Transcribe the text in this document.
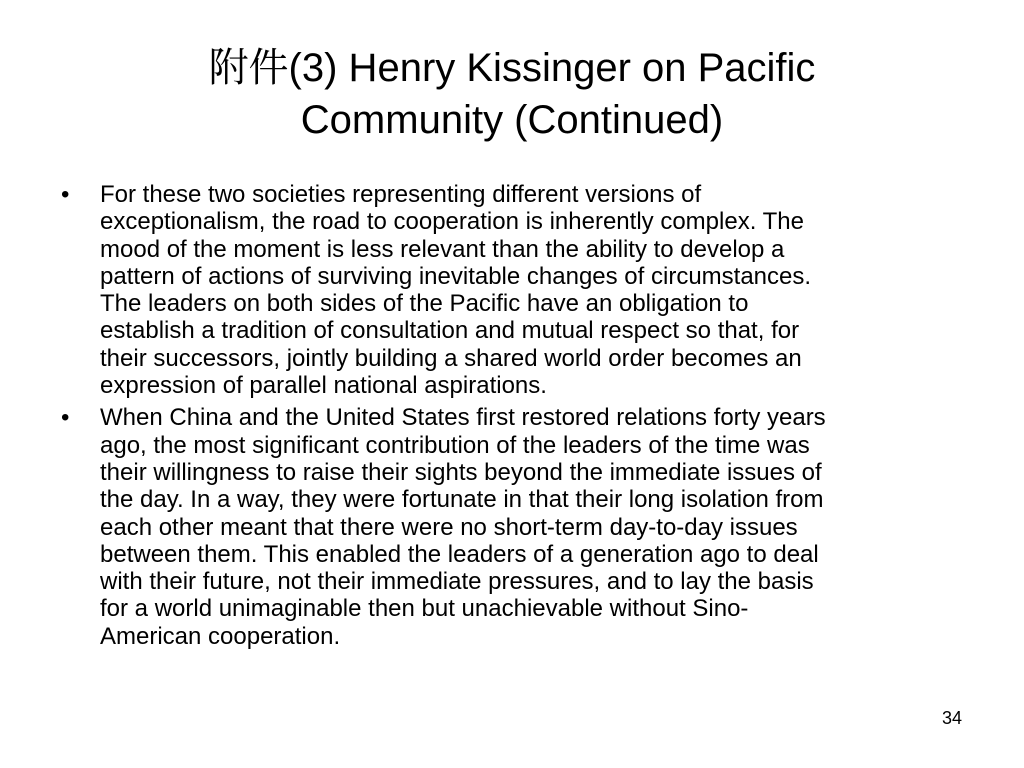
附件(3) Henry Kissinger on Pacific
Community (Continued)
• For these two societies representing different versions of
exceptionalism, the road to cooperation is inherently complex. The
mood of the moment is less relevant than the ability to develop a
pattern of actions of surviving inevitable changes of circumstances.
The leaders on both sides of the Pacific have an obligation to
establish a tradition of consultation and mutual respect so that, for
their successors, jointly building a shared world order becomes an
expression of parallel national aspirations.
• When China and the United States first restored relations forty years
ago, the most significant contribution of the leaders of the time was
their willingness to raise their sights beyond the immediate issues of
the day. In a way, they were fortunate in that their long isolation from
each other meant that there were no short-term day-to-day issues
between them. This enabled the leaders of a generation ago to deal
with their future, not their immediate pressures, and to lay the basis
for a world unimaginable then but unachievable without Sino-
American cooperation.
34
